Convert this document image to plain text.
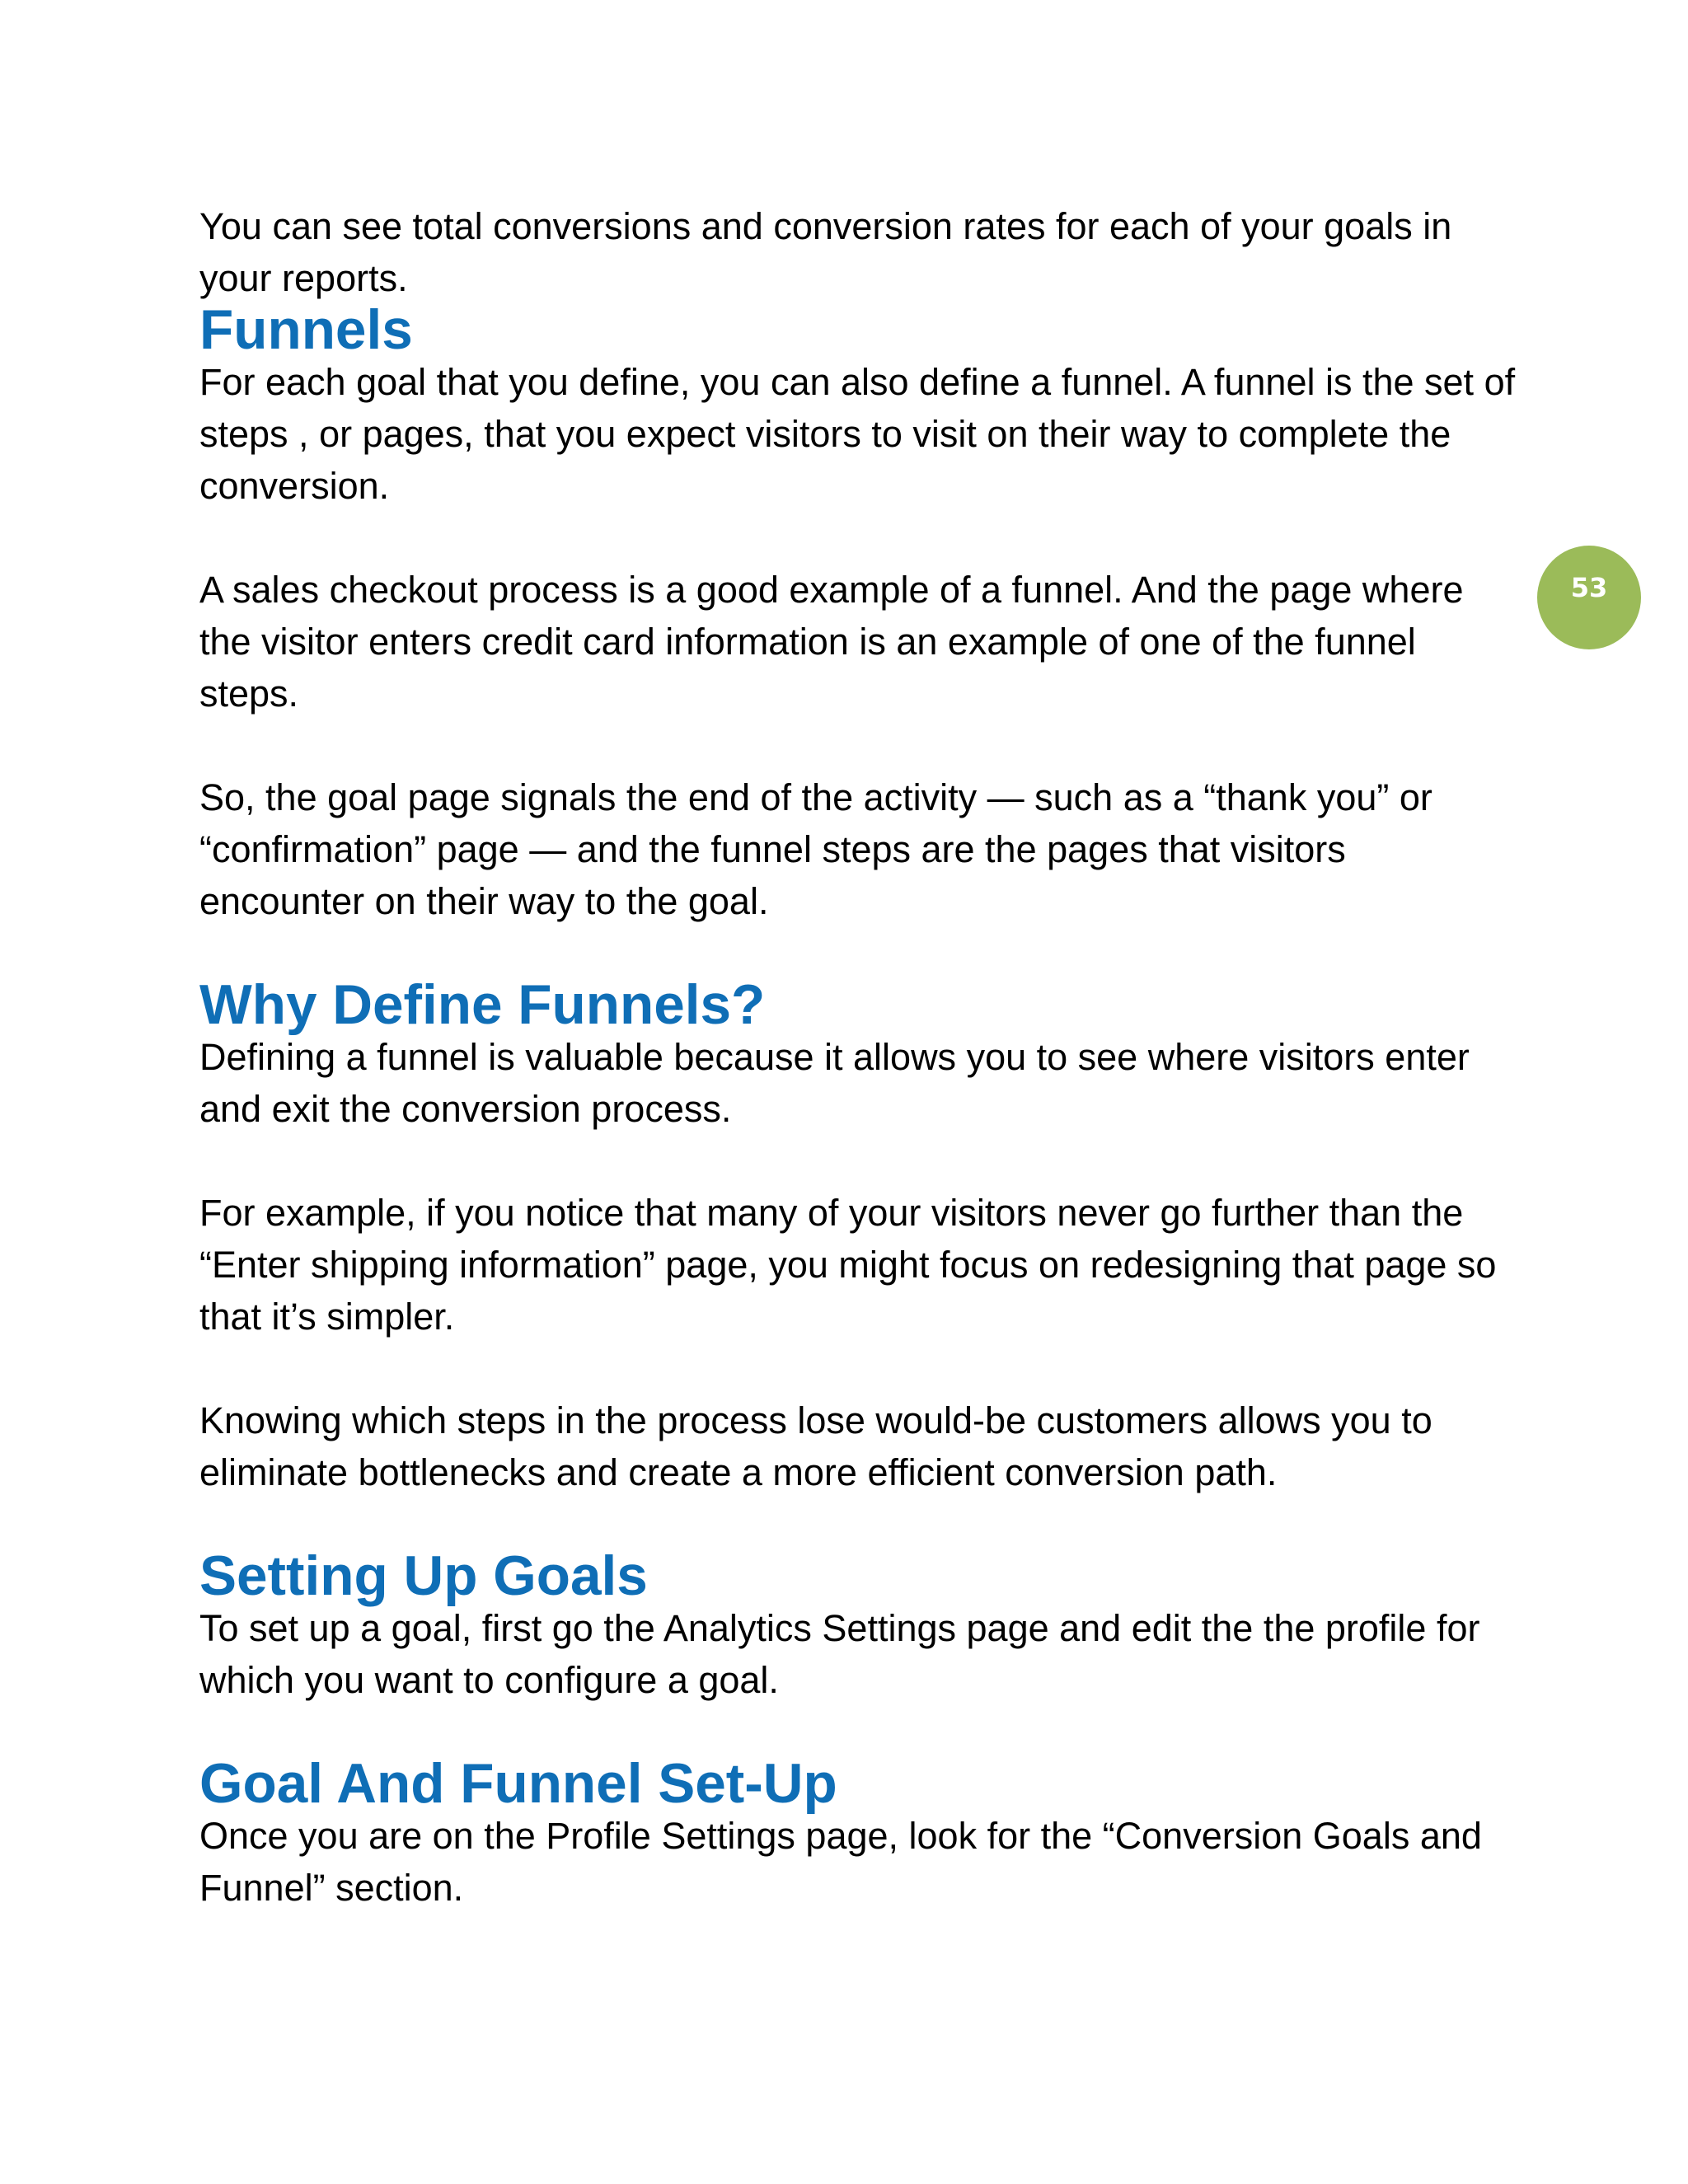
You can see total conversions and conversion rates for each of your goals in your reports.

Funnels

For each goal that you define, you can also define a funnel. A funnel is the set of steps , or pages, that you expect visitors to visit on their way to complete the conversion.

A sales checkout process is a good example of a funnel. And the page where the visitor enters credit card information is an example of one of the funnel steps.

So, the goal page signals the end of the activity — such as a “thank you” or “confirmation” page — and the funnel steps are the pages that visitors encounter on their way to the goal.

Why Define Funnels?

Defining a funnel is valuable because it allows you to see where visitors enter and exit the conversion process.

For example, if you notice that many of your visitors never go further than the “Enter shipping information” page, you might focus on redesigning that page so that it’s simpler.

Knowing which steps in the process lose would-be customers allows you to eliminate bottlenecks and create a more efficient conversion path.

Setting Up Goals

To set up a goal, first go the Analytics Settings page and edit the the profile for which you want to configure a goal.

Goal And Funnel Set-Up

Once you are on the Profile Settings page, look for the “Conversion Goals and Funnel” section.

53
